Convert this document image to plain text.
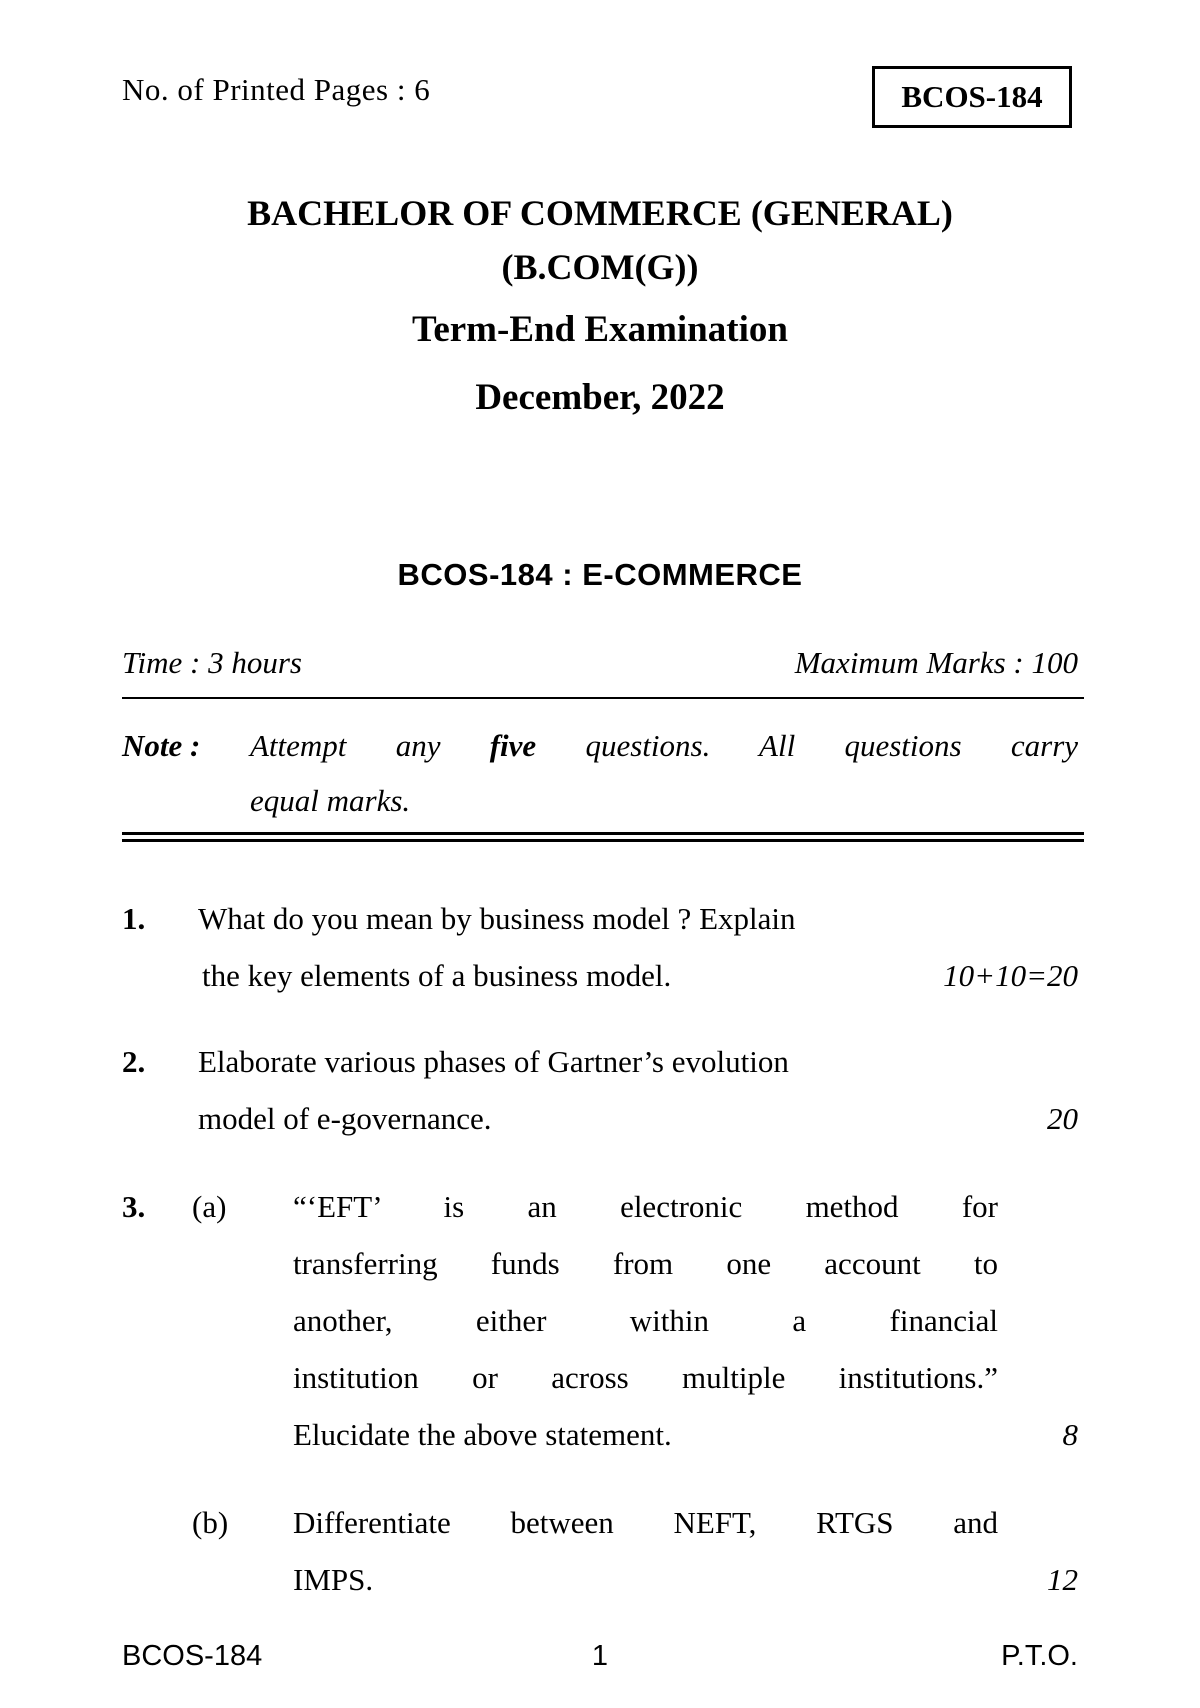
No. of Printed Pages : 6	BCOS-184
BACHELOR OF COMMERCE (GENERAL)
(B.COM(G))
Term-End Examination
December, 2022
BCOS-184 : E-COMMERCE
Time : 3 hours	Maximum Marks : 100
Note : Attempt any five questions. All questions carry
equal marks.
1. What do you mean by business model ? Explain
the key elements of a business model.	10+10=20
2. Elaborate various phases of Gartner’s evolution
model of e-governance.	20
3. (a) “‘EFT’ is an electronic method for
transferring funds from one account to
another, either within a financial
institution or across multiple institutions.”
Elucidate the above statement.	8
(b) Differentiate between NEFT, RTGS and
IMPS.	12
BCOS-184	1	P.T.O.
